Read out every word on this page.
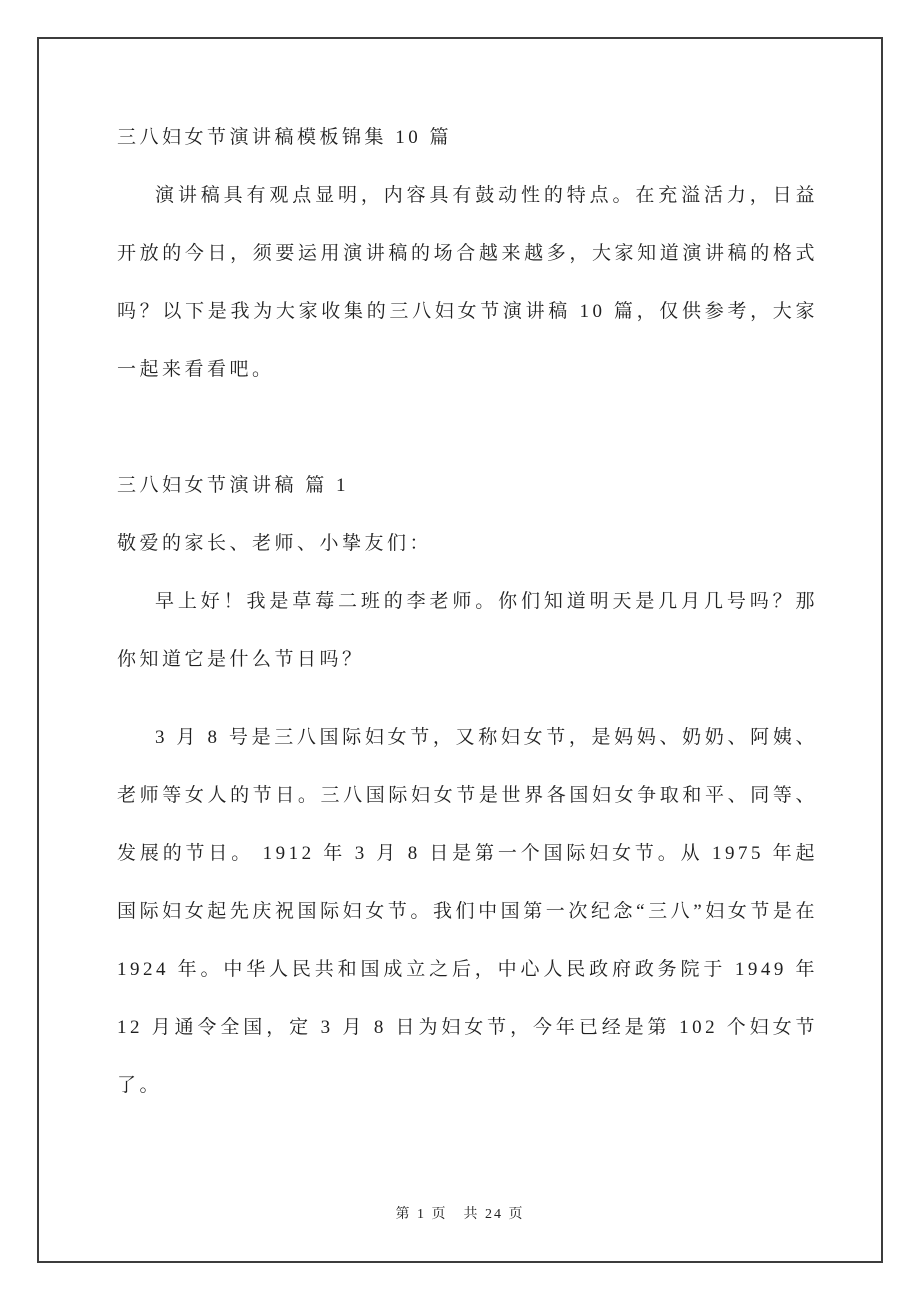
三八妇女节演讲稿模板锦集 10 篇

演讲稿具有观点显明，内容具有鼓动性的特点。在充溢活力，日益开放的今日，须要运用演讲稿的场合越来越多，大家知道演讲稿的格式吗？以下是我为大家收集的三八妇女节演讲稿 10 篇，仅供参考，大家一起来看看吧。

三八妇女节演讲稿 篇 1

敬爱的家长、老师、小挚友们：

早上好！我是草莓二班的李老师。你们知道明天是几月几号吗？那你知道它是什么节日吗？

3 月 8 号是三八国际妇女节，又称妇女节，是妈妈、奶奶、阿姨、老师等女人的节日。三八国际妇女节是世界各国妇女争取和平、同等、发展的节日。 1912 年 3 月 8 日是第一个国际妇女节。从 1975 年起国际妇女起先庆祝国际妇女节。我们中国第一次纪念“三八”妇女节是在 1924 年。中华人民共和国成立之后，中心人民政府政务院于 1949 年 12 月通令全国，定 3 月 8 日为妇女节，今年已经是第 102 个妇女节了。

第 1 页 共 24 页
